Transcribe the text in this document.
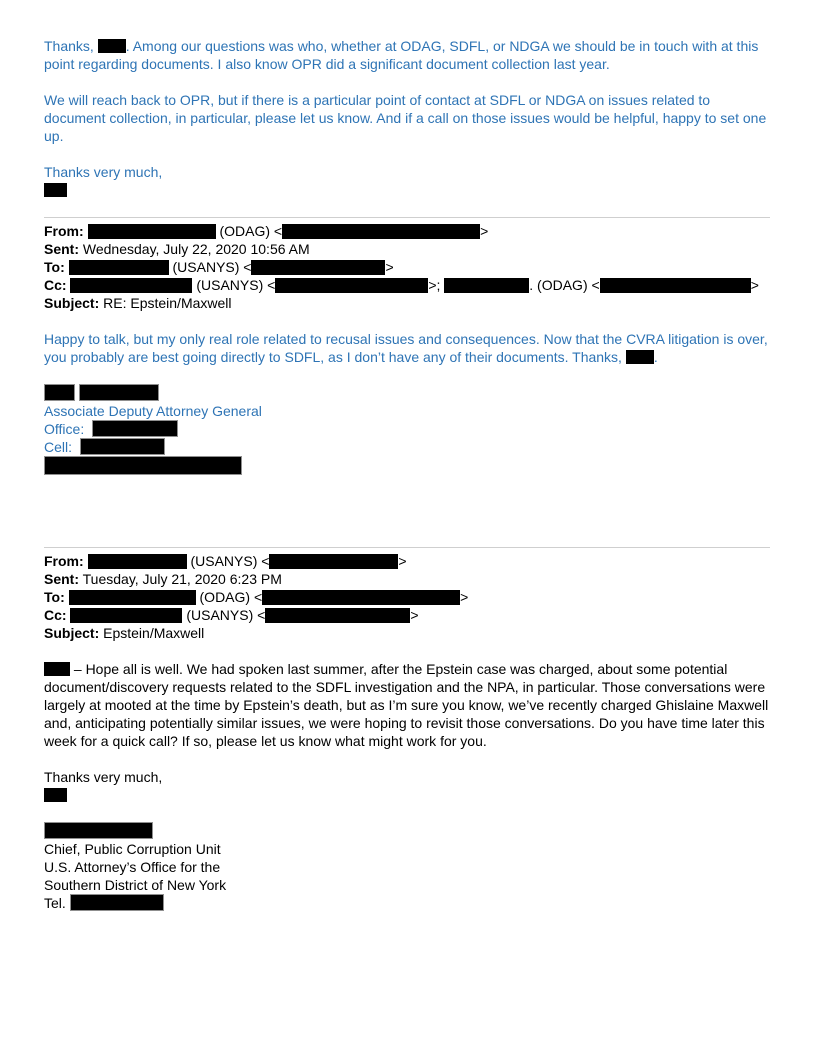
Thanks, . Among our questions was who, whether at ODAG, SDFL, or NDGA we should be in touch with at this point regarding documents. I also know OPR did a significant document collection last year.

We will reach back to OPR, but if there is a particular point of contact at SDFL or NDGA on issues related to document collection, in particular, please let us know. And if a call on those issues would be helpful, happy to set one up.

Thanks very much,

From:	(ODAG) <	>
Sent: Wednesday, July 22, 2020 10:56 AM
To:	(USANYS) <	>
Cc:	(USANYS) <	>;	. (ODAG) <	>
Subject: RE: Epstein/Maxwell

Happy to talk, but my only real role related to recusal issues and consequences. Now that the CVRA litigation is over, you probably are best going directly to SDFL, as I don’t have any of their documents. Thanks, .

Associate Deputy Attorney General
Office:
Cell:
From:	(USANYS) <	>
Sent: Tuesday, July 21, 2020 6:23 PM
To:	(ODAG) <	>
Cc:	(USANYS) <	>
Subject: Epstein/Maxwell

– Hope all is well. We had spoken last summer, after the Epstein case was charged, about some potential document/discovery requests related to the SDFL investigation and the NPA, in particular. Those conversations were largely at mooted at the time by Epstein’s death, but as I’m sure you know, we’ve recently charged Ghislaine Maxwell and, anticipating potentially similar issues, we were hoping to revisit those conversations. Do you have time later this week for a quick call? If so, please let us know what might work for you.

Thanks very much,

Chief, Public Corruption Unit
U.S. Attorney’s Office for the
Southern District of New York
Tel.
